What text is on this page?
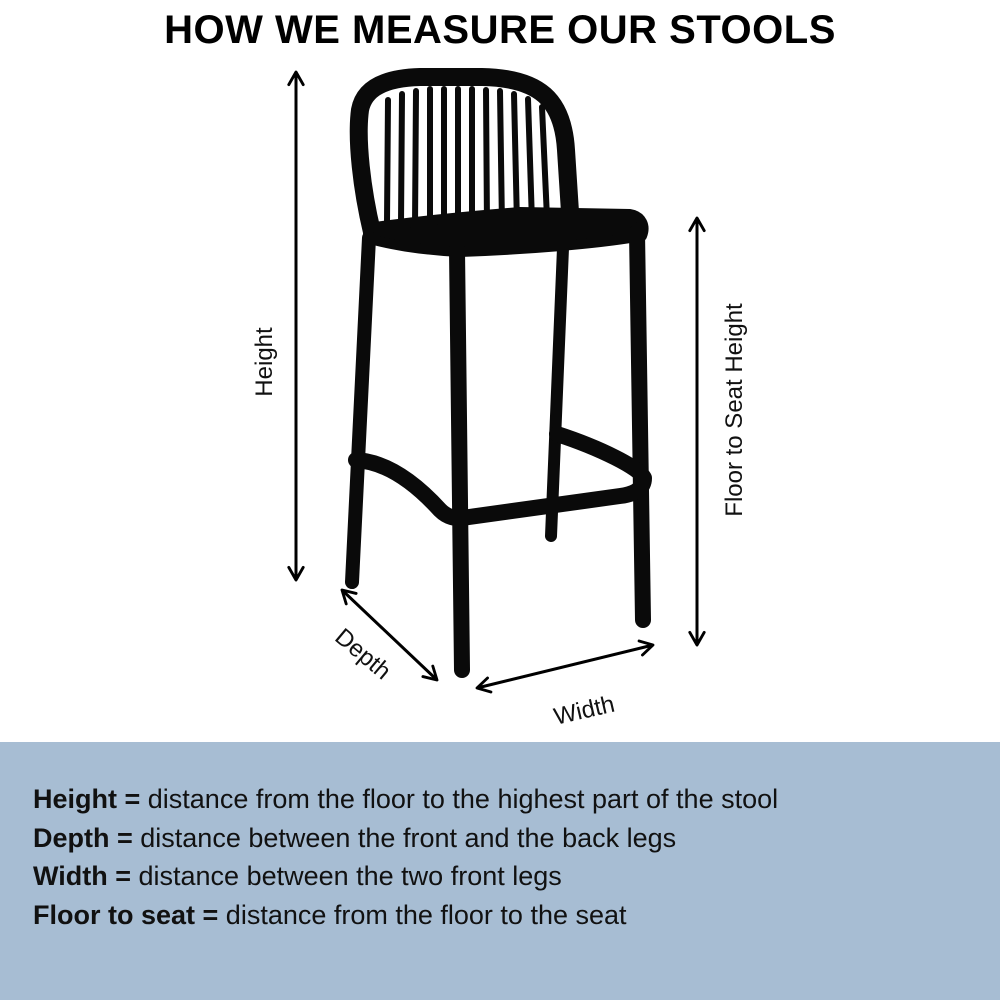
HOW WE MEASURE OUR STOOLS
Height	Floor to Seat Height
Depth
Width
Height = distance from the floor to the highest part of the stool
Depth = distance between the front and the back legs
Width = distance between the two front legs
Floor to seat = distance from the floor to the seat
